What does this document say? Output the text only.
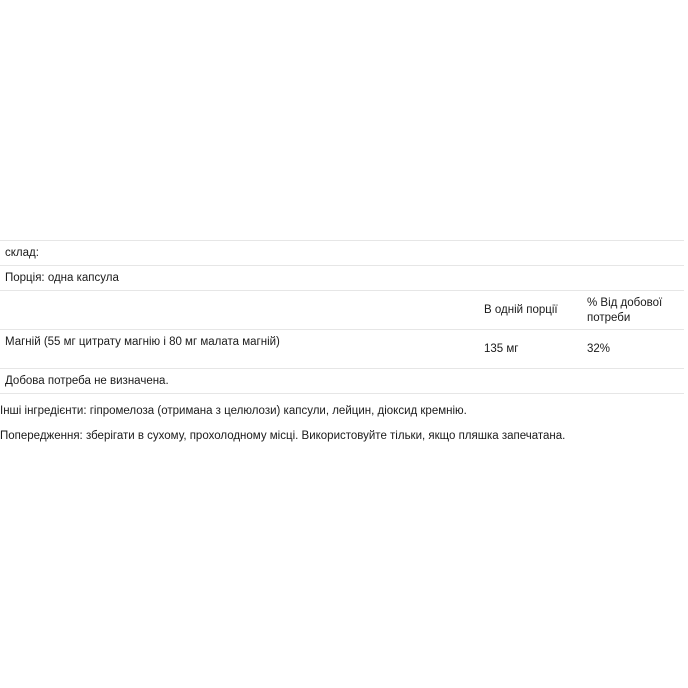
склад:
Порція: одна капсула
В одній порції
% Від добової потреби
Магній (55 мг цитрату магнію і 80 мг малата магній)
135 мг	32%
Добова потреба не визначена.
Інші інгредієнти: гіпромелоза (отримана з целюлози) капсули, лейцин, діоксид кремнію.
Попередження: зберігати в сухому, прохолодному місці. Використовуйте тільки, якщо пляшка запечатана.
